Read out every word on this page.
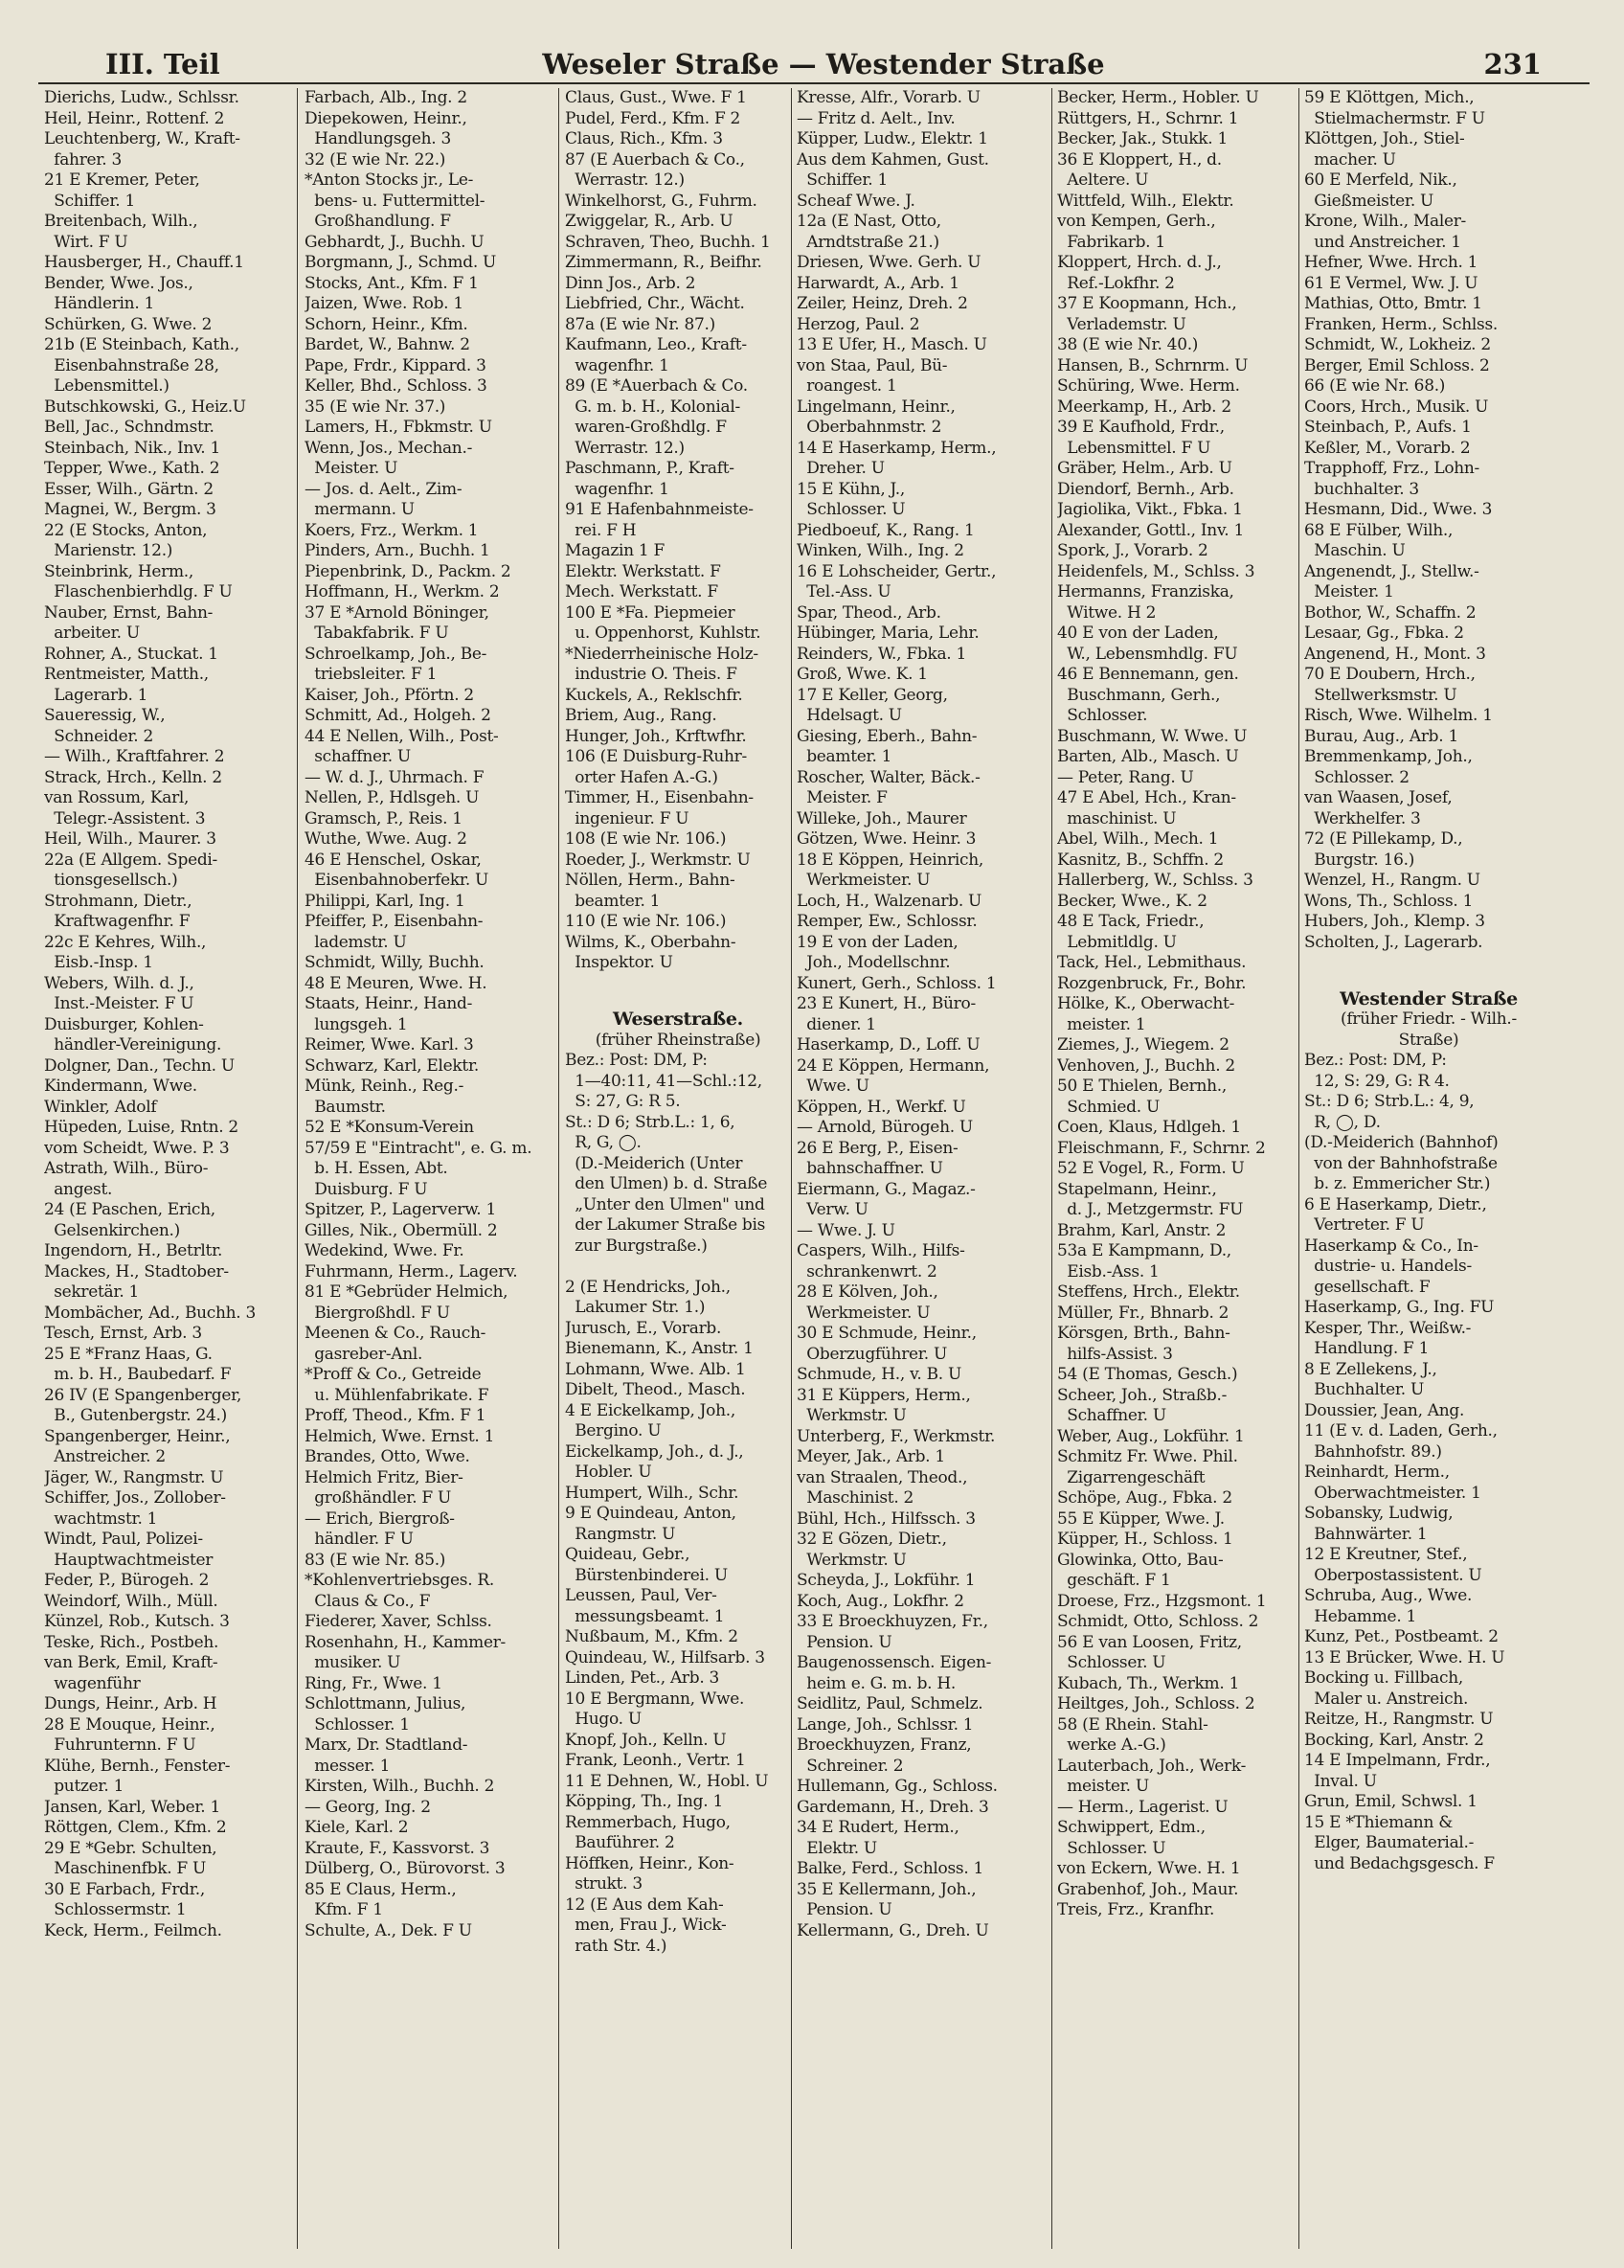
III. Teil	Weseler Straße — Westender Straße	231
Dierichs, Ludw., Schlssr.
Heil, Heinr., Rottenf. 2
Leuchtenberg, W., Kraft-
fahrer. 3
21 E Kremer, Peter,
Schiffer. 1
Breitenbach, Wilh.,
Wirt. F U
Hausberger, H., Chauff.1
Bender, Wwe. Jos.,
Händlerin. 1
Schürken, G. Wwe. 2
21b (E Steinbach, Kath.,
Eisenbahnstraße 28,
Lebensmittel.)
Butschkowski, G., Heiz.U
Bell, Jac., Schndmstr.
Steinbach, Nik., Inv. 1
Tepper, Wwe., Kath. 2
Esser, Wilh., Gärtn. 2
Magnei, W., Bergm. 3
22 (E Stocks, Anton,
Marienstr. 12.)
Steinbrink, Herm.,
Flaschenbierhdlg. F U
Nauber, Ernst, Bahn-
arbeiter. U
Rohner, A., Stuckat. 1
Rentmeister, Matth.,
Lagerarb. 1
Saueressig, W.,
Schneider. 2
— Wilh., Kraftfahrer. 2
Strack, Hrch., Kelln. 2
van Rossum, Karl,
Telegr.-Assistent. 3
Heil, Wilh., Maurer. 3
22a (E Allgem. Spedi-
tionsgesellsch.)
Strohmann, Dietr.,
Kraftwagenfhr. F
22c E Kehres, Wilh.,
Eisb.-Insp. 1
Webers, Wilh. d. J.,
Inst.-Meister. F U
Duisburger, Kohlen-
händler-Vereinigung.
Dolgner, Dan., Techn. U
Kindermann, Wwe.
Winkler, Adolf
Hüpeden, Luise, Rntn. 2
vom Scheidt, Wwe. P. 3
Astrath, Wilh., Büro-
angest.
24 (E Paschen, Erich,
Gelsenkirchen.)
Ingendorn, H., Betrltr.
Mackes, H., Stadtober-
sekretär. 1
Mombächer, Ad., Buchh. 3
Tesch, Ernst, Arb. 3
25 E *Franz Haas, G.
m. b. H., Baubedarf. F
26 IV (E Spangenberger,
B., Gutenbergstr. 24.)
Spangenberger, Heinr.,
Anstreicher. 2
Jäger, W., Rangmstr. U
Schiffer, Jos., Zollober-
wachtmstr. 1
Windt, Paul, Polizei-
Hauptwachtmeister
Feder, P., Bürogeh. 2
Weindorf, Wilh., Müll.
Künzel, Rob., Kutsch. 3
Teske, Rich., Postbeh.
van Berk, Emil, Kraft-
wagenführ
Dungs, Heinr., Arb. H
28 E Mouque, Heinr.,
Fuhrunternn. F U
Klühe, Bernh., Fenster-
putzer. 1
Jansen, Karl, Weber. 1
Röttgen, Clem., Kfm. 2
29 E *Gebr. Schulten,
Maschinenfbk. F U
30 E Farbach, Frdr.,
Schlossermstr. 1
Keck, Herm., Feilmch.
Farbach, Alb., Ing. 2
Diepekowen, Heinr.,
Handlungsgeh. 3
32 (E wie Nr. 22.)
*Anton Stocks jr., Le-
bens- u. Futtermittel-
Großhandlung. F
Gebhardt, J., Buchh. U
Borgmann, J., Schmd. U
Stocks, Ant., Kfm. F 1
Jaizen, Wwe. Rob. 1
Schorn, Heinr., Kfm.
Bardet, W., Bahnw. 2
Pape, Frdr., Kippard. 3
Keller, Bhd., Schloss. 3
35 (E wie Nr. 37.)
Lamers, H., Fbkmstr. U
Wenn, Jos., Mechan.-
Meister. U
— Jos. d. Aelt., Zim-
mermann. U
Koers, Frz., Werkm. 1
Pinders, Arn., Buchh. 1
Piepenbrink, D., Packm. 2
Hoffmann, H., Werkm. 2
37 E *Arnold Böninger,
Tabakfabrik. F U
Schroelkamp, Joh., Be-
triebsleiter. F 1
Kaiser, Joh., Pförtn. 2
Schmitt, Ad., Holgeh. 2
44 E Nellen, Wilh., Post-
schaffner. U
— W. d. J., Uhrmach. F
Nellen, P., Hdlsgeh. U
Gramsch, P., Reis. 1
Wuthe, Wwe. Aug. 2
46 E Henschel, Oskar,
Eisenbahnoberfekr. U
Philippi, Karl, Ing. 1
Pfeiffer, P., Eisenbahn-
lademstr. U
Schmidt, Willy, Buchh.
48 E Meuren, Wwe. H.
Staats, Heinr., Hand-
lungsgeh. 1
Reimer, Wwe. Karl. 3
Schwarz, Karl, Elektr.
Münk, Reinh., Reg.-
Baumstr.
52 E *Konsum-Verein
57/59 E "Eintracht", e. G. m.
b. H. Essen, Abt.
Duisburg. F U
Spitzer, P., Lagerverw. 1
Gilles, Nik., Obermüll. 2
Wedekind, Wwe. Fr.
Fuhrmann, Herm., Lagerv.
81 E *Gebrüder Helmich,
Biergroßhdl. F U
Meenen & Co., Rauch-
gasreber-Anl.
*Proff & Co., Getreide
u. Mühlenfabrikate. F
Proff, Theod., Kfm. F 1
Helmich, Wwe. Ernst. 1
Brandes, Otto, Wwe.
Helmich Fritz, Bier-
großhändler. F U
— Erich, Biergroß-
händler. F U
83 (E wie Nr. 85.)
*Kohlenvertriebsges. R.
Claus & Co., F
Fiederer, Xaver, Schlss.
Rosenhahn, H., Kammer-
musiker. U
Ring, Fr., Wwe. 1
Schlottmann, Julius,
Schlosser. 1
Marx, Dr. Stadtland-
messer. 1
Kirsten, Wilh., Buchh. 2
— Georg, Ing. 2
Kiele, Karl. 2
Kraute, F., Kassvorst. 3
Dülberg, O., Bürovorst. 3
85 E Claus, Herm.,
Kfm. F 1
Schulte, A., Dek. F U
Claus, Gust., Wwe. F 1
Pudel, Ferd., Kfm. F 2
Claus, Rich., Kfm. 3
87 (E Auerbach & Co.,
Werrastr. 12.)
Winkelhorst, G., Fuhrm.
Zwiggelar, R., Arb. U
Schraven, Theo, Buchh. 1
Zimmermann, R., Beifhr.
Dinn Jos., Arb. 2
Liebfried, Chr., Wächt.
87a (E wie Nr. 87.)
Kaufmann, Leo., Kraft-
wagenfhr. 1
89 (E *Auerbach & Co.
G. m. b. H., Kolonial-
waren-Großhdlg. F
Werrastr. 12.)
Paschmann, P., Kraft-
wagenfhr. 1
91 E Hafenbahnmeiste-
rei. F H
Magazin 1 F
Elektr. Werkstatt. F
Mech. Werkstatt. F
100 E *Fa. Piepmeier
u. Oppenhorst, Kuhlstr.
*Niederrheinische Holz-
industrie O. Theis. F
Kuckels, A., Reklschfr.
Briem, Aug., Rang.
Hunger, Joh., Krftwfhr.
106 (E Duisburg-Ruhr-
orter Hafen A.-G.)
Timmer, H., Eisenbahn-
ingenieur. F U
108 (E wie Nr. 106.)
Roeder, J., Werkmstr. U
Nöllen, Herm., Bahn-
beamter. 1
110 (E wie Nr. 106.)
Wilms, K., Oberbahn-
Inspektor. U

Weserstraße.
(früher Rheinstraße)
Bez.: Post: DM, P:
1—40:11, 41—Schl.:12,
S: 27, G: R 5.
St.: D 6; Strb.L.: 1, 6,
R, G, ◯.
(D.-Meiderich (Unter
den Ulmen) b. d. Straße
„Unter den Ulmen" und
der Lakumer Straße bis
zur Burgstraße.)

2 (E Hendricks, Joh.,
Lakumer Str. 1.)
Jurusch, E., Vorarb.
Bienemann, K., Anstr. 1
Lohmann, Wwe. Alb. 1
Dibelt, Theod., Masch.
4 E Eickelkamp, Joh.,
Bergino. U
Eickelkamp, Joh., d. J.,
Hobler. U
Humpert, Wilh., Schr.
9 E Quindeau, Anton,
Rangmstr. U
Quideau, Gebr.,
Bürstenbinderei. U
Leussen, Paul, Ver-
messungsbeamt. 1
Nußbaum, M., Kfm. 2
Quindeau, W., Hilfsarb. 3
Linden, Pet., Arb. 3
10 E Bergmann, Wwe.
Hugo. U
Knopf, Joh., Kelln. U
Frank, Leonh., Vertr. 1
11 E Dehnen, W., Hobl. U
Köpping, Th., Ing. 1
Remmerbach, Hugo,
Bauführer. 2
Höffken, Heinr., Kon-
strukt. 3
12 (E Aus dem Kah-
men, Frau J., Wick-
rath Str. 4.)
Kresse, Alfr., Vorarb. U
— Fritz d. Aelt., Inv.
Küpper, Ludw., Elektr. 1
Aus dem Kahmen, Gust.
Schiffer. 1
Scheaf Wwe. J.
12a (E Nast, Otto,
Arndtstraße 21.)
Driesen, Wwe. Gerh. U
Harwardt, A., Arb. 1
Zeiler, Heinz, Dreh. 2
Herzog, Paul. 2
13 E Ufer, H., Masch. U
von Staa, Paul, Bü-
roangest. 1
Lingelmann, Heinr.,
Oberbahnmstr. 2
14 E Haserkamp, Herm.,
Dreher. U
15 E Kühn, J.,
Schlosser. U
Piedboeuf, K., Rang. 1
Winken, Wilh., Ing. 2
16 E Lohscheider, Gertr.,
Tel.-Ass. U
Spar, Theod., Arb.
Hübinger, Maria, Lehr.
Reinders, W., Fbka. 1
Groß, Wwe. K. 1
17 E Keller, Georg,
Hdelsagt. U
Giesing, Eberh., Bahn-
beamter. 1
Roscher, Walter, Bäck.-
Meister. F
Willeke, Joh., Maurer
Götzen, Wwe. Heinr. 3
18 E Köppen, Heinrich,
Werkmeister. U
Loch, H., Walzenarb. U
Remper, Ew., Schlossr.
19 E von der Laden,
Joh., Modellschnr.
Kunert, Gerh., Schloss. 1
23 E Kunert, H., Büro-
diener. 1
Haserkamp, D., Loff. U
24 E Köppen, Hermann,
Wwe. U
Köppen, H., Werkf. U
— Arnold, Bürogeh. U
26 E Berg, P., Eisen-
bahnschaffner. U
Eiermann, G., Magaz.-
Verw. U
— Wwe. J. U
Caspers, Wilh., Hilfs-
schrankenwrt. 2
28 E Kölven, Joh.,
Werkmeister. U
30 E Schmude, Heinr.,
Oberzugführer. U
Schmude, H., v. B. U
31 E Küppers, Herm.,
Werkmstr. U
Unterberg, F., Werkmstr.
Meyer, Jak., Arb. 1
van Straalen, Theod.,
Maschinist. 2
Bühl, Hch., Hilfssch. 3
32 E Gözen, Dietr.,
Werkmstr. U
Scheyda, J., Lokführ. 1
Koch, Aug., Lokfhr. 2
33 E Broeckhuyzen, Fr.,
Pension. U
Baugenossensch. Eigen-
heim e. G. m. b. H.
Seidlitz, Paul, Schmelz.
Lange, Joh., Schlssr. 1
Broeckhuyzen, Franz,
Schreiner. 2
Hullemann, Gg., Schloss.
Gardemann, H., Dreh. 3
34 E Rudert, Herm.,
Elektr. U
Balke, Ferd., Schloss. 1
35 E Kellermann, Joh.,
Pension. U
Kellermann, G., Dreh. U
Becker, Herm., Hobler. U
Rüttgers, H., Schrnr. 1
Becker, Jak., Stukk. 1
36 E Kloppert, H., d.
Aeltere. U
Wittfeld, Wilh., Elektr.
von Kempen, Gerh.,
Fabrikarb. 1
Kloppert, Hrch. d. J.,
Ref.-Lokfhr. 2
37 E Koopmann, Hch.,
Verlademstr. U
38 (E wie Nr. 40.)
Hansen, B., Schrnrm. U
Schüring, Wwe. Herm.
Meerkamp, H., Arb. 2
39 E Kaufhold, Frdr.,
Lebensmittel. F U
Gräber, Helm., Arb. U
Diendorf, Bernh., Arb.
Jagiolika, Vikt., Fbka. 1
Alexander, Gottl., Inv. 1
Spork, J., Vorarb. 2
Heidenfels, M., Schlss. 3
Hermanns, Franziska,
Witwe. H 2
40 E von der Laden,
W., Lebensmhdlg. FU
46 E Bennemann, gen.
Buschmann, Gerh.,
Schlosser.
Buschmann, W. Wwe. U
Barten, Alb., Masch. U
— Peter, Rang. U
47 E Abel, Hch., Kran-
maschinist. U
Abel, Wilh., Mech. 1
Kasnitz, B., Schffn. 2
Hallerberg, W., Schlss. 3
Becker, Wwe., K. 2
48 E Tack, Friedr.,
Lebmitldlg. U
Tack, Hel., Lebmithaus.
Rozgenbruck, Fr., Bohr.
Hölke, K., Oberwacht-
meister. 1
Ziemes, J., Wiegem. 2
Venhoven, J., Buchh. 2
50 E Thielen, Bernh.,
Schmied. U
Coen, Klaus, Hdlgeh. 1
Fleischmann, F., Schrnr. 2
52 E Vogel, R., Form. U
Stapelmann, Heinr.,
d. J., Metzgermstr. FU
Brahm, Karl, Anstr. 2
53a E Kampmann, D.,
Eisb.-Ass. 1
Steffens, Hrch., Elektr.
Müller, Fr., Bhnarb. 2
Körsgen, Brth., Bahn-
hilfs-Assist. 3
54 (E Thomas, Gesch.)
Scheer, Joh., Straßb.-
Schaffner. U
Weber, Aug., Lokführ. 1
Schmitz Fr. Wwe. Phil.
Zigarrengeschäft
Schöpe, Aug., Fbka. 2
55 E Küpper, Wwe. J.
Küpper, H., Schloss. 1
Glowinka, Otto, Bau-
geschäft. F 1
Droese, Frz., Hzgsmont. 1
Schmidt, Otto, Schloss. 2
56 E van Loosen, Fritz,
Schlosser. U
Kubach, Th., Werkm. 1
Heiltges, Joh., Schloss. 2
58 (E Rhein. Stahl-
werke A.-G.)
Lauterbach, Joh., Werk-
meister. U
— Herm., Lagerist. U
Schwippert, Edm.,
Schlosser. U
von Eckern, Wwe. H. 1
Grabenhof, Joh., Maur.
Treis, Frz., Kranfhr.
59 E Klöttgen, Mich.,
Stielmachermstr. F U
Klöttgen, Joh., Stiel-
macher. U
60 E Merfeld, Nik.,
Gießmeister. U
Krone, Wilh., Maler-
und Anstreicher. 1
Hefner, Wwe. Hrch. 1
61 E Vermel, Ww. J. U
Mathias, Otto, Bmtr. 1
Franken, Herm., Schlss.
Schmidt, W., Lokheiz. 2
Berger, Emil Schloss. 2
66 (E wie Nr. 68.)
Coors, Hrch., Musik. U
Steinbach, P., Aufs. 1
Keßler, M., Vorarb. 2
Trapphoff, Frz., Lohn-
buchhalter. 3
Hesmann, Did., Wwe. 3
68 E Fülber, Wilh.,
Maschin. U
Angenendt, J., Stellw.-
Meister. 1
Bothor, W., Schaffn. 2
Lesaar, Gg., Fbka. 2
Angenend, H., Mont. 3
70 E Doubern, Hrch.,
Stellwerksmstr. U
Risch, Wwe. Wilhelm. 1
Burau, Aug., Arb. 1
Bremmenkamp, Joh.,
Schlosser. 2
van Waasen, Josef,
Werkhelfer. 3
72 (E Pillekamp, D.,
Burgstr. 16.)
Wenzel, H., Rangm. U
Wons, Th., Schloss. 1
Hubers, Joh., Klemp. 3
Scholten, J., Lagerarb.

Westender Straße
(früher Friedr. - Wilh.-
Straße)
Bez.: Post: DM, P:
12, S: 29, G: R 4.
St.: D 6; Strb.L.: 4, 9,
R, ◯, D.
(D.-Meiderich (Bahnhof)
von der Bahnhofstraße
b. z. Emmericher Str.)
6 E Haserkamp, Dietr.,
Vertreter. F U
Haserkamp & Co., In-
dustrie- u. Handels-
gesellschaft. F
Haserkamp, G., Ing. FU
Kesper, Thr., Weißw.-
Handlung. F 1
8 E Zellekens, J.,
Buchhalter. U
Doussier, Jean, Ang.
11 (E v. d. Laden, Gerh.,
Bahnhofstr. 89.)
Reinhardt, Herm.,
Oberwachtmeister. 1
Sobansky, Ludwig,
Bahnwärter. 1
12 E Kreutner, Stef.,
Oberpostassistent. U
Schruba, Aug., Wwe.
Hebamme. 1
Kunz, Pet., Postbeamt. 2
13 E Brücker, Wwe. H. U
Bocking u. Fillbach,
Maler u. Anstreich.
Reitze, H., Rangmstr. U
Bocking, Karl, Anstr. 2
14 E Impelmann, Frdr.,
Inval. U
Grun, Emil, Schwsl. 1
15 E *Thiemann &
Elger, Baumaterial.-
und Bedachgsgesch. F
